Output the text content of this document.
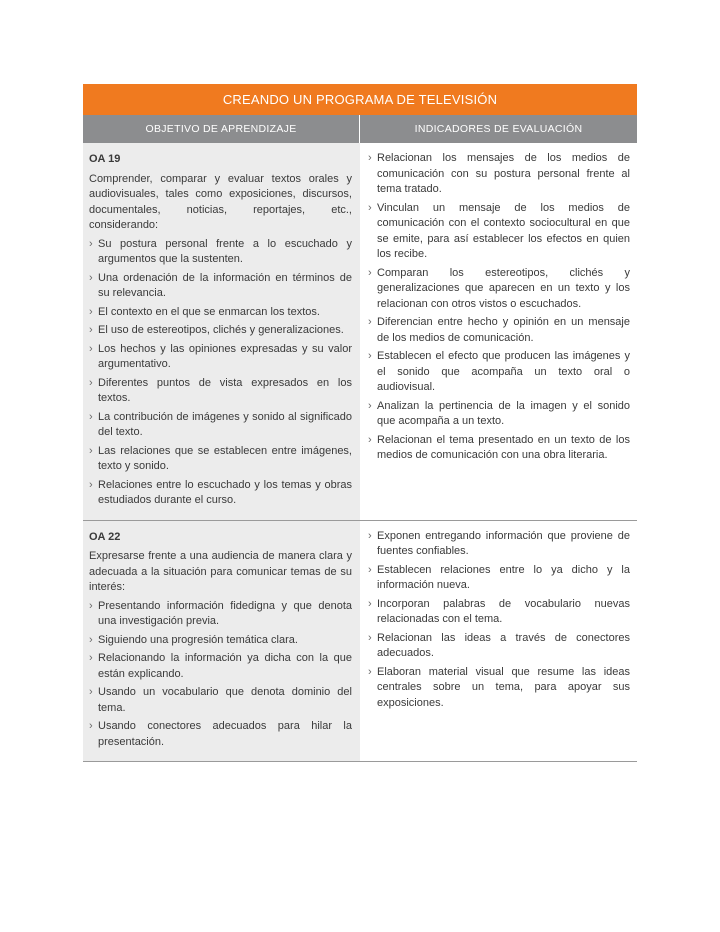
CREANDO UN PROGRAMA DE TELEVISIÓN
OBJETIVO DE APRENDIZAJE	INDICADORES DE EVALUACIÓN
OA 19
Comprender, comparar y evaluar textos orales y audiovisuales, tales como exposiciones, discursos, documentales, noticias, reportajes, etc., considerando:
› Su postura personal frente a lo escuchado y argumentos que la sustenten.
› Una ordenación de la información en términos de su relevancia.
› El contexto en el que se enmarcan los textos.
› El uso de estereotipos, clichés y generalizaciones.
› Los hechos y las opiniones expresadas y su valor argumentativo.
› Diferentes puntos de vista expresados en los textos.
› La contribución de imágenes y sonido al significado del texto.
› Las relaciones que se establecen entre imágenes, texto y sonido.
› Relaciones entre lo escuchado y los temas y obras estudiados durante el curso.
› Relacionan los mensajes de los medios de comunicación con su postura personal frente al tema tratado.
› Vinculan un mensaje de los medios de comunicación con el contexto sociocultural en que se emite, para así establecer los efectos en quien los recibe.
› Comparan los estereotipos, clichés y generalizaciones que aparecen en un texto y los relacionan con otros vistos o escuchados.
› Diferencian entre hecho y opinión en un mensaje de los medios de comunicación.
› Establecen el efecto que producen las imágenes y el sonido que acompaña un texto oral o audiovisual.
› Analizan la pertinencia de la imagen y el sonido que acompaña a un texto.
› Relacionan el tema presentado en un texto de los medios de comunicación con una obra literaria.
OA 22
Expresarse frente a una audiencia de manera clara y adecuada a la situación para comunicar temas de su interés:
› Presentando información fidedigna y que denota una investigación previa.
› Siguiendo una progresión temática clara.
› Relacionando la información ya dicha con la que están explicando.
› Usando un vocabulario que denota dominio del tema.
› Usando conectores adecuados para hilar la presentación.
› Exponen entregando información que proviene de fuentes confiables.
› Establecen relaciones entre lo ya dicho y la información nueva.
› Incorporan palabras de vocabulario nuevas relacionadas con el tema.
› Relacionan las ideas a través de conectores adecuados.
› Elaboran material visual que resume las ideas centrales sobre un tema, para apoyar sus exposiciones.
